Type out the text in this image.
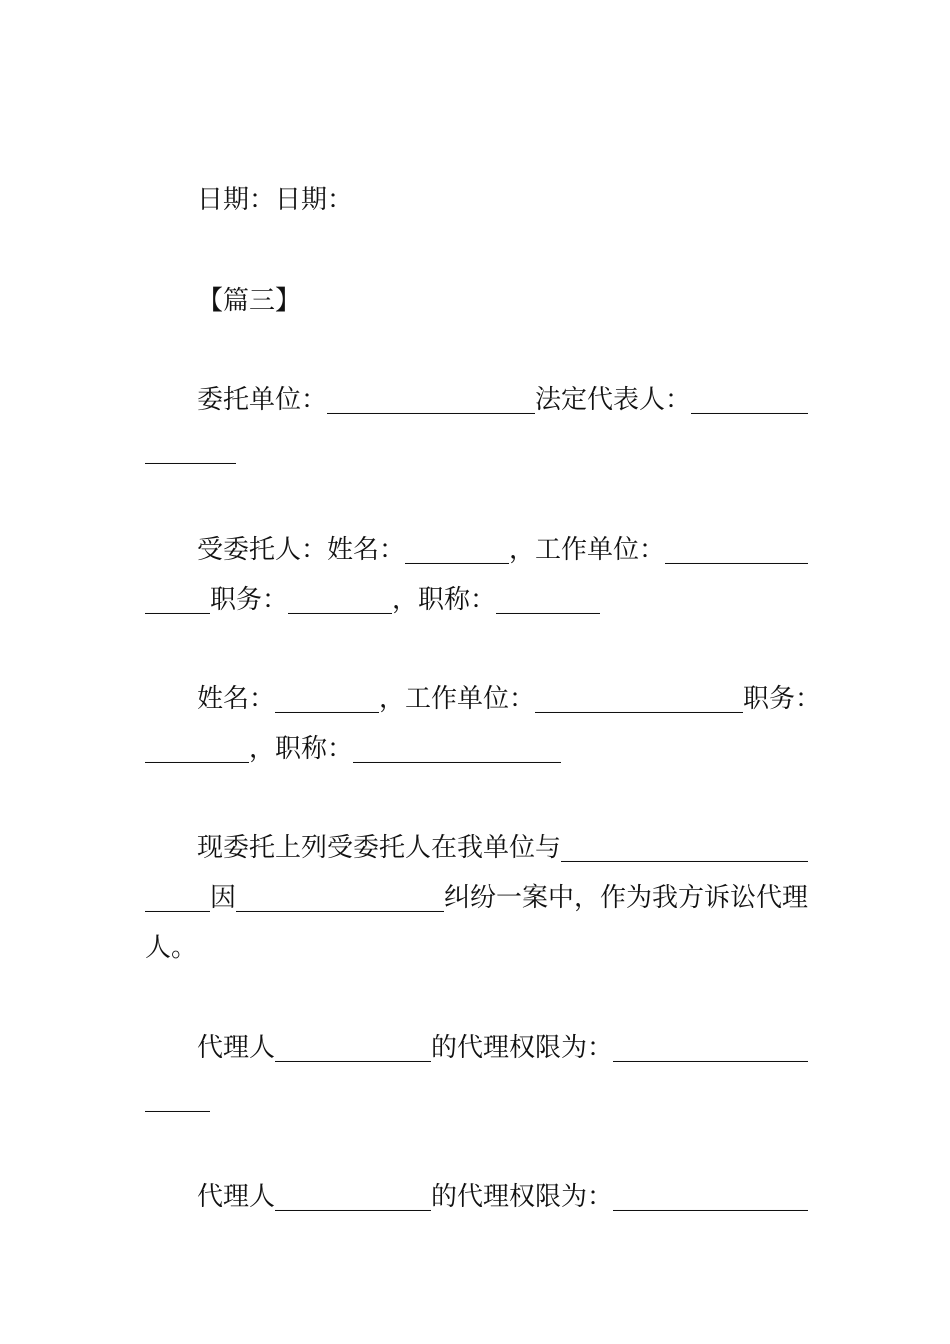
日期：日期：
【篇三】
委托单位：________________法定代表人：_________
_______
受委托人：姓名：________，工作单位：___________
_____职务：________，职称：________
姓名：________，工作单位：________________职务：
________，职称：________________
现委托上列受委托人在我单位与___________________
_____因________________纠纷一案中，作为我方诉讼代理
人。
代理人____________的代理权限为：_______________
_____
代理人____________的代理权限为：_______________
